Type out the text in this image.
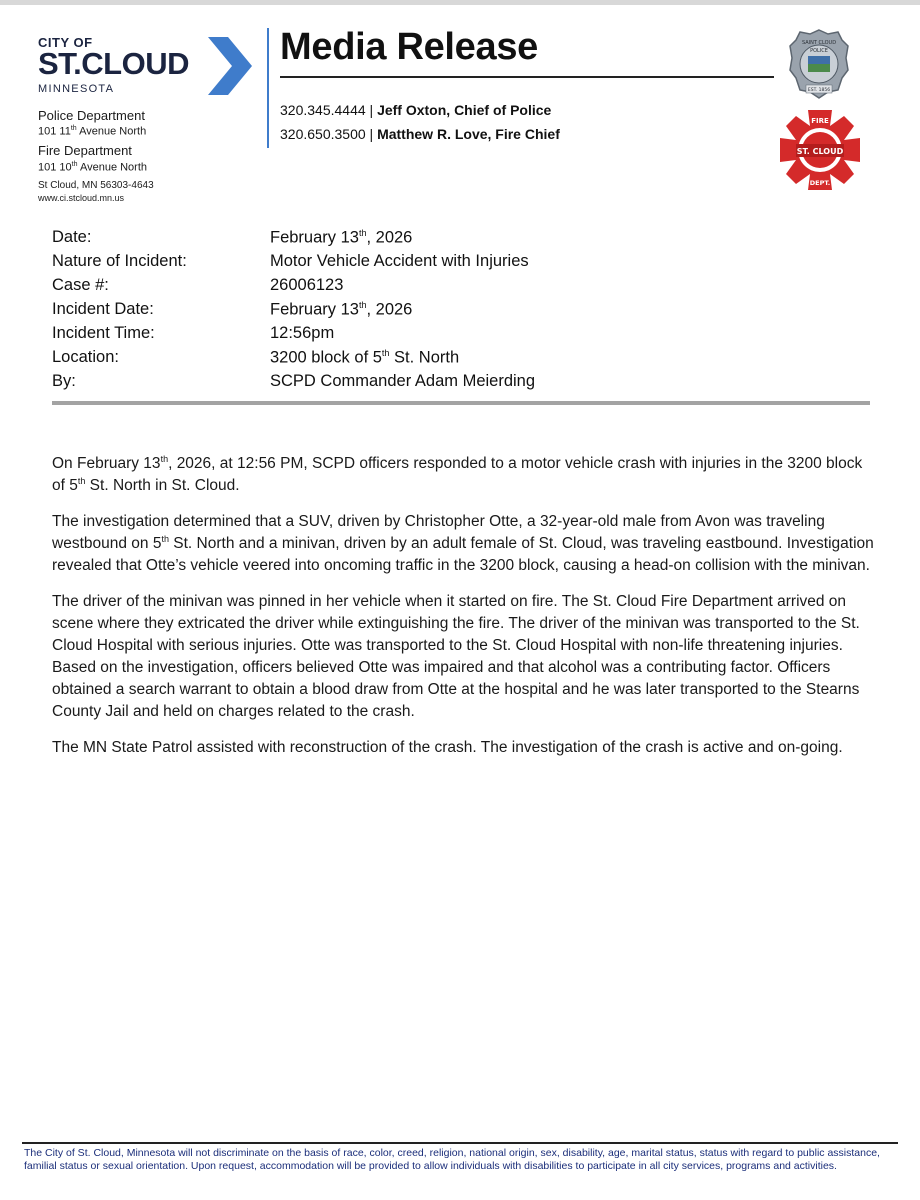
CITY OF
ST.CLOUD
MINNESOTA
Police Department
101 11th Avenue North
Fire Department
101 10th Avenue North
St Cloud, MN 56303-4643
www.ci.stcloud.mn.us
Media Release
320.345.4444 | Jeff Oxton, Chief of Police
320.650.3500 | Matthew R. Love, Fire Chief
SAINT CLOUD
POLICE
EST. 1856
FIRE
ST. CLOUD
DEPT.
Date:	February 13th, 2026
Nature of Incident:	Motor Vehicle Accident with Injuries
Case #:	26006123
Incident Date:	February 13th, 2026
Incident Time:	12:56pm
Location:	3200 block of 5th St. North
By:	SCPD Commander Adam Meierding

On February 13th, 2026, at 12:56 PM, SCPD officers responded to a motor vehicle crash with injuries in the 3200 block of 5th St. North in St. Cloud.

The investigation determined that a SUV, driven by Christopher Otte, a 32-year-old male from Avon was traveling westbound on 5th St. North and a minivan, driven by an adult female of St. Cloud, was traveling eastbound. Investigation revealed that Otte’s vehicle veered into oncoming traffic in the 3200 block, causing a head-on collision with the minivan.

The driver of the minivan was pinned in her vehicle when it started on fire. The St. Cloud Fire Department arrived on scene where they extricated the driver while extinguishing the fire. The driver of the minivan was transported to the St. Cloud Hospital with serious injuries. Otte was transported to the St. Cloud Hospital with non-life threatening injuries. Based on the investigation, officers believed Otte was impaired and that alcohol was a contributing factor. Officers obtained a search warrant to obtain a blood draw from Otte at the hospital and he was later transported to the Stearns County Jail and held on charges related to the crash.

The MN State Patrol assisted with reconstruction of the crash. The investigation of the crash is active and on-going.

The City of St. Cloud, Minnesota will not discriminate on the basis of race, color, creed, religion, national origin, sex, disability, age, marital status, status with regard to public assistance, familial status or sexual orientation. Upon request, accommodation will be provided to allow individuals with disabilities to participate in all city services, programs and activities.
